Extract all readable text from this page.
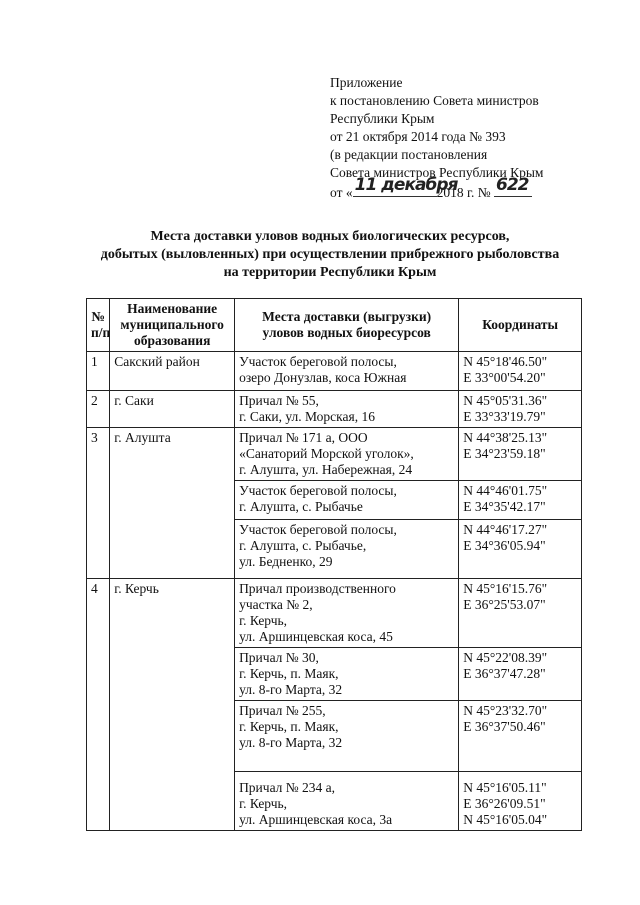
Приложение
к постановлению Совета министров
Республики Крым
от 21 октября 2014 года № 393
(в редакции постановления
Совета министров Республики Крым
от « 11 декабря
2018 г. № 622
Места доставки уловов водных биологических ресурсов,
добытых (выловленных) при осуществлении прибрежного рыболовства
на территории Республики Крым
№
п/п	Наименование
муниципального
образования	Места доставки (выгрузки)
уловов водных биоресурсов	Координаты

1	Сакский район	Участок береговой полосы,
озеро Донузлав, коса Южная	N 45°18'46.50"
E 33°00'54.20"

2	г. Саки	Причал № 55,
г. Саки, ул. Морская, 16	N 45°05'31.36"
E 33°33'19.79"

3	г. Алушта	Причал № 171 а, ООО
«Санаторий Морской уголок»,
г. Алушта, ул. Набережная, 24	N 44°38'25.13"
E 34°23'59.18"

		Участок береговой полосы,
г. Алушта, с. Рыбачье	N 44°46'01.75"
E 34°35'42.17"

		Участок береговой полосы,
г. Алушта, с. Рыбачье,
ул. Бедненко, 29	N 44°46'17.27"
E 34°36'05.94"

4	г. Керчь	Причал производственного
участка № 2,
г. Керчь,
ул. Аршинцевская коса, 45	N 45°16'15.76"
E 36°25'53.07"

		Причал № 30,
г. Керчь, п. Маяк,
ул. 8-го Марта, 32	N 45°22'08.39"
E 36°37'47.28"

		Причал № 255,
г. Керчь, п. Маяк,
ул. 8-го Марта, 32	N 45°23'32.70"
E 36°37'50.46"

		Причал № 234 а,
г. Керчь,
ул. Аршинцевская коса, 3а	N 45°16'05.11"
E 36°26'09.51"
N 45°16'05.04"
